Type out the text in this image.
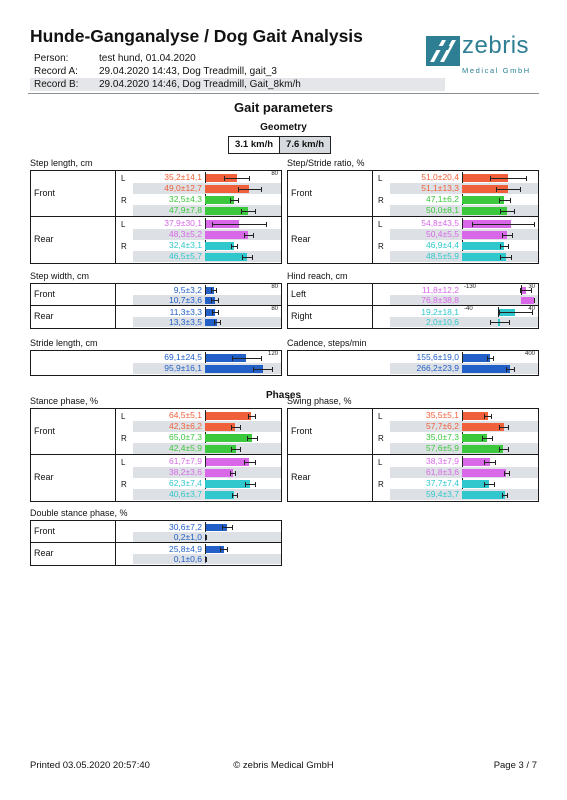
Hunde-Ganganalyse / Dog Gait Analysis
Person:	test hund, 01.04.2020
Record A: 29.04.2020 14:43, Dog Treadmill, gait_3
Record B: 29.04.2020 14:46, Dog Treadmill, Gait_8km/h
zebris
Medical GmbH
Gait parameters
Geometry
3.1 km/h	7.6 km/h
Step length, cm
Front
L	35,2±14,1	80
49,0±12,7
R	32,5±4,3
47,9±7,8
Rear
L	37,9±30,1
48,3±5,2
R	32,4±3,1
46,5±5,7
Step/Stride ratio, %
Front
L	51,0±20,4
51,1±13,3
R	47,1±6,2
50,0±8,1
Rear
L	54,8±43,5
50,4±5,5
R	46,9±4,4
48,5±5,9
Step width, cm
Front	9,5±3,2	80
10,7±3,6
Rear	11,3±3,3	80
13,3±3,5
Hind reach, cm
Left	11,8±12,2	30
-130
76,8±38,8
Right	19,2±18,1	40
-40
2,0±10,6
Stride length, cm
69,1±24,5	120
95,9±16,1
Cadence, steps/min
155,6±19,0	400
266,2±23,9
Stance phase, %
Front
L	64,5±5,1
42,3±6,2
R	65,0±7,3
42,4±5,9
Rear
L	61,7±7,9
38,2±3,6
R	62,3±7,4
40,6±3,7
Swing phase, %
Front
L	35,5±5,1
57,7±6,2
R	35,0±7,3
57,6±5,9
Rear
L	38,3±7,9
61,8±3,6
R	37,7±7,4
59,4±3,7
Double stance phase, %
Front	30,6±7,2
0,2±1,0
Rear	25,8±4,9
0,1±0,6
Phases
Printed 03.05.2020 20:57:40	© zebris Medical GmbH	Page 3 / 7
